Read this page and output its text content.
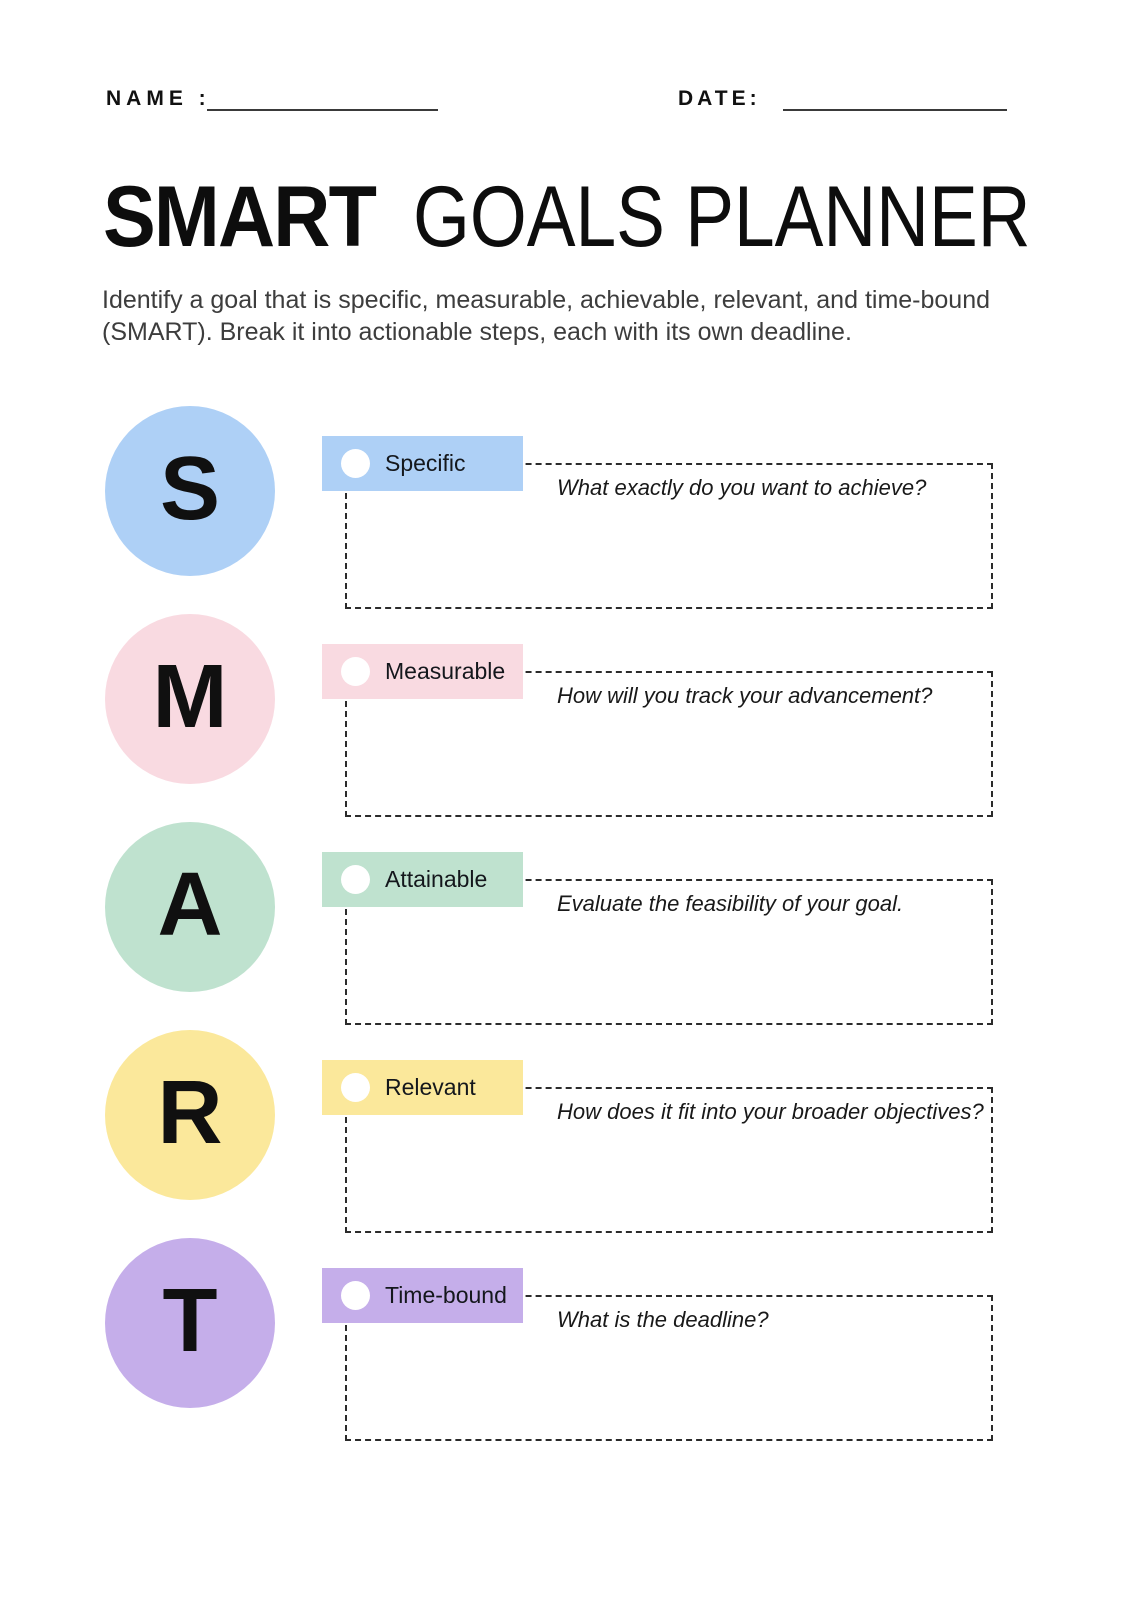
NAME :	DATE:
SMART GOALS PLANNER
Identify a goal that is specific, measurable, achievable, relevant, and time-bound
(SMART). Break it into actionable steps, each with its own deadline.
S	What exactly do you want to achieve?
Specific
M	How will you track your advancement?
Measurable
A	Evaluate the feasibility of your goal.
Attainable
R	How does it fit into your broader objectives?
Relevant
T	What is the deadline?
Time-bound
